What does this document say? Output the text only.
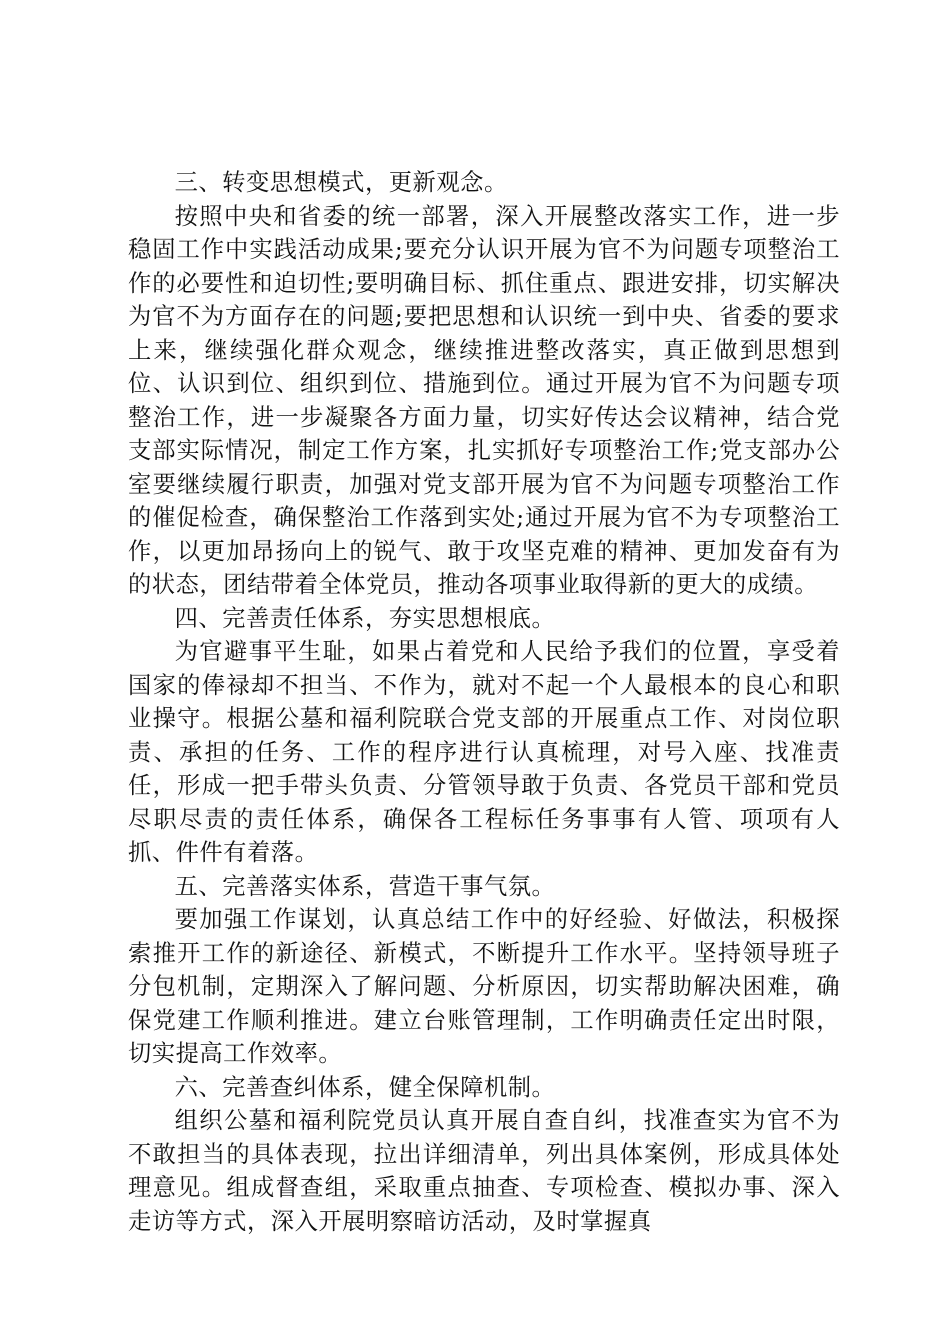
三、转变思想模式，更新观念。

按照中央和省委的统一部署，深入开展整改落实工作，进一步稳固工作中实践活动成果;要充分认识开展为官不为问题专项整治工作的必要性和迫切性;要明确目标、抓住重点、跟进安排，切实解决为官不为方面存在的问题;要把思想和认识统一到中央、省委的要求上来，继续强化群众观念，继续推进整改落实，真正做到思想到位、认识到位、组织到位、措施到位。通过开展为官不为问题专项整治工作，进一步凝聚各方面力量，切实好传达会议精神，结合党支部实际情况，制定工作方案，扎实抓好专项整治工作;党支部办公室要继续履行职责，加强对党支部开展为官不为问题专项整治工作的催促检查，确保整治工作落到实处;通过开展为官不为专项整治工作，以更加昂扬向上的锐气、敢于攻坚克难的精神、更加发奋有为的状态，团结带着全体党员，推动各项事业取得新的更大的成绩。

四、完善责任体系，夯实思想根底。

为官避事平生耻，如果占着党和人民给予我们的位置，享受着国家的俸禄却不担当、不作为，就对不起一个人最根本的良心和职业操守。根据公墓和福利院联合党支部的开展重点工作、对岗位职责、承担的任务、工作的程序进行认真梳理，对号入座、找准责任，形成一把手带头负责、分管领导敢于负责、各党员干部和党员尽职尽责的责任体系，确保各工程标任务事事有人管、项项有人抓、件件有着落。

五、完善落实体系，营造干事气氛。

要加强工作谋划，认真总结工作中的好经验、好做法，积极探索推开工作的新途径、新模式，不断提升工作水平。坚持领导班子分包机制，定期深入了解问题、分析原因，切实帮助解决困难，确保党建工作顺利推进。建立台账管理制，工作明确责任定出时限，切实提高工作效率。

六、完善查纠体系，健全保障机制。

组织公墓和福利院党员认真开展自查自纠，找准查实为官不为不敢担当的具体表现，拉出详细清单，列出具体案例，形成具体处理意见。组成督查组，采取重点抽查、专项检查、模拟办事、深入走访等方式，深入开展明察暗访活动，及时掌握真
